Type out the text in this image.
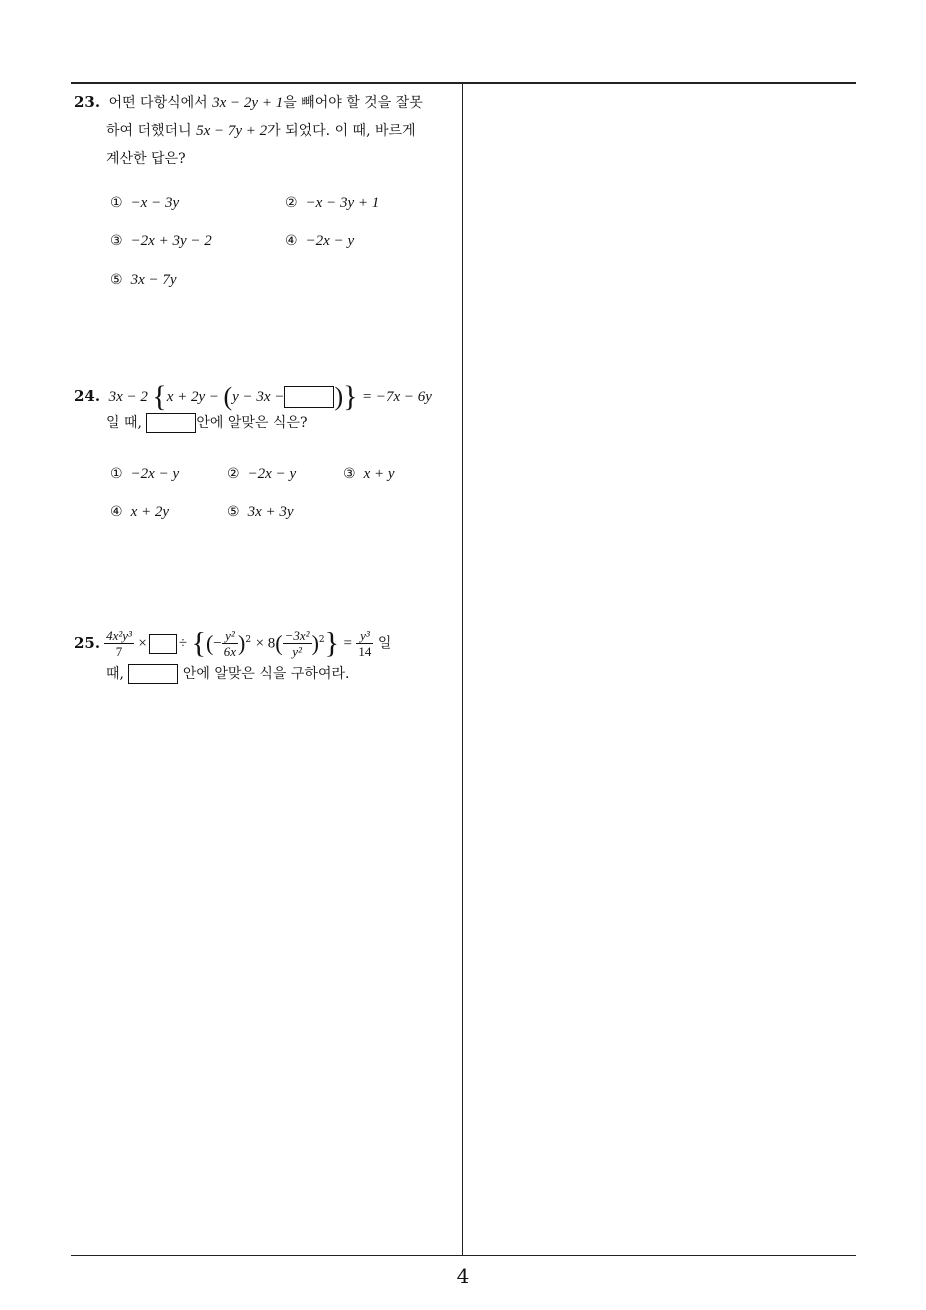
23. 어떤 다항식에서 3x − 2y + 1을 빼어야 할 것을 잘못
하여 더했더니 5x − 7y + 2가 되었다. 이 때, 바르게
계산한 답은?
① −x − 3y	② −x − 3y + 1
③ −2x + 3y − 2	④ −2x − y
⑤ 3x − 7y
24. 3x − 2 {x + 2y − (y − 3x − )} = −7x − 6y
일 때,	안에 알맞은 식은?
① −2x − y	② −2x − y	③ x + y
④ x + 2y	⑤ 3x + 3y
25. $\frac{\text{4x²y³}}{7}$ × ÷ {(− $\frac{\text{y²}}{6x} )^2 \times 8( \frac{\text{−3x²}}{\text{y²}} )^2\} = \frac{\text{y³}}{14}$ 일
때,	안에 알맞은 식을 구하여라.
4
